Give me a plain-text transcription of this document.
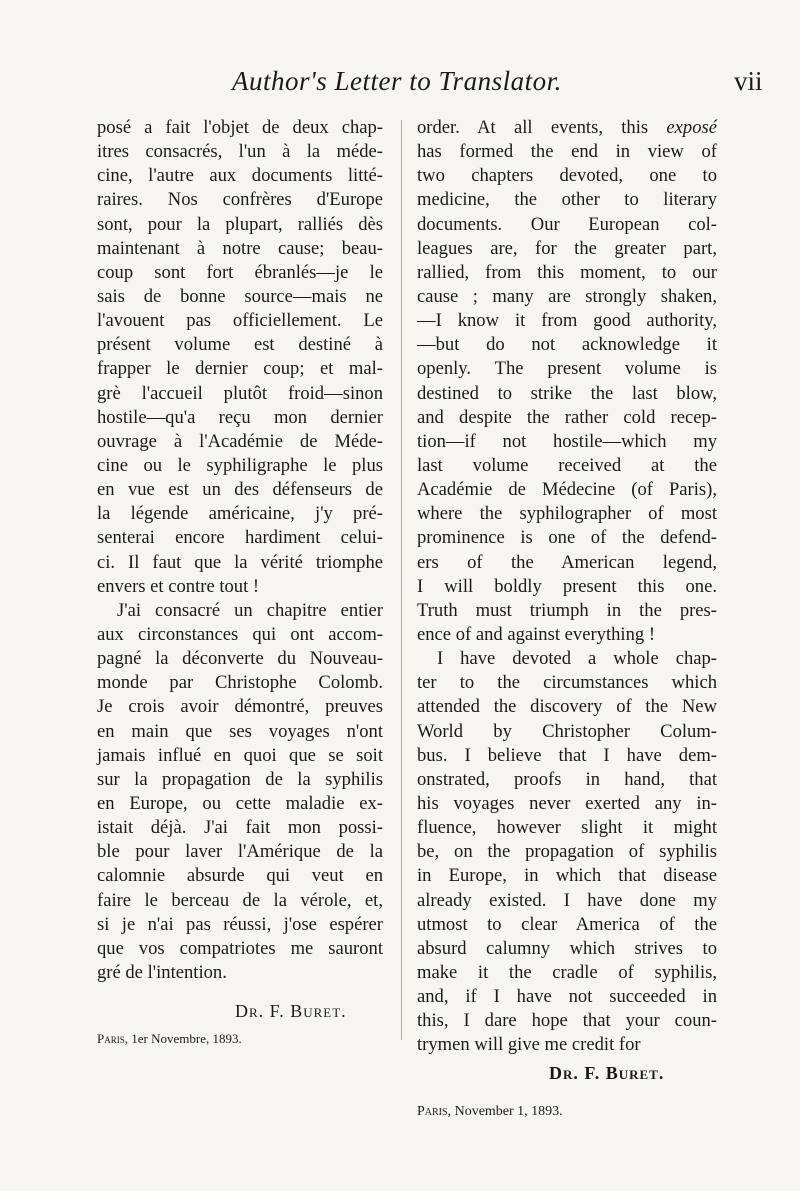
Author's Letter to Translator.	vii
posé a fait l'objet de deux chap-
itres consacrés, l'un à la méde-
cine, l'autre aux documents litté-
raires. Nos confrères d'Europe
sont, pour la plupart, ralliés dès
maintenant à notre cause; beau-
coup sont fort ébranlés—je le
sais de bonne source—mais ne
l'avouent pas officiellement. Le
présent volume est destiné à
frapper le dernier coup; et mal-
grè l'accueil plutôt froid—sinon
hostile—qu'a reçu mon dernier
ouvrage à l'Académie de Méde-
cine ou le syphiligraphe le plus
en vue est un des défenseurs de
la légende américaine, j'y pré-
senterai encore hardiment celui-
ci. Il faut que la vérité triomphe
envers et contre tout !
J'ai consacré un chapitre entier
aux circonstances qui ont accom-
pagné la déconverte du Nouveau-
monde par Christophe Colomb.
Je crois avoir démontré, preuves
en main que ses voyages n'ont
jamais influé en quoi que se soit
sur la propagation de la syphilis
en Europe, ou cette maladie ex-
istait déjà. J'ai fait mon possi-
ble pour laver l'Amérique de la
calomnie absurde qui veut en
faire le berceau de la vérole, et,
si je n'ai pas réussi, j'ose espérer
que vos compatriotes me sauront
gré de l'intention.
Dr. F. Buret.
Paris, 1er Novembre, 1893.
order. At all events, this exposé
has formed the end in view of
two chapters devoted, one to
medicine, the other to literary
documents. Our European col-
leagues are, for the greater part,
rallied, from this moment, to our
cause ; many are strongly shaken,
—I know it from good authority,
—but do not acknowledge it
openly. The present volume is
destined to strike the last blow,
and despite the rather cold recep-
tion—if not hostile—which my
last volume received at the
Académie de Médecine (of Paris),
where the syphilographer of most
prominence is one of the defend-
ers of the American legend,
I will boldly present this one.
Truth must triumph in the pres-
ence of and against everything !
I have devoted a whole chap-
ter to the circumstances which
attended the discovery of the New
World by Christopher Colum-
bus. I believe that I have dem-
onstrated, proofs in hand, that
his voyages never exerted any in-
fluence, however slight it might
be, on the propagation of syphilis
in Europe, in which that disease
already existed. I have done my
utmost to clear America of the
absurd calumny which strives to
make it the cradle of syphilis,
and, if I have not succeeded in
this, I dare hope that your coun-
trymen will give me credit for
Dr. F. Buret.
Paris, November 1, 1893.
